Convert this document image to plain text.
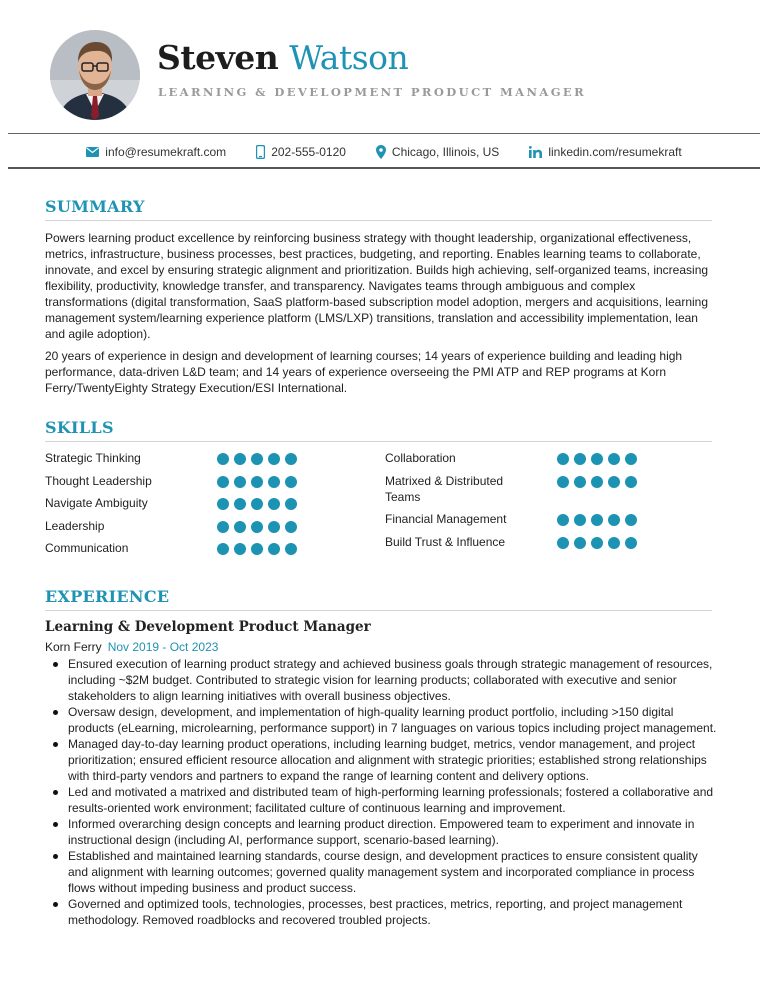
Steven Watson
LEARNING & DEVELOPMENT PRODUCT MANAGER
info@resumekraft.com	202-555-0120	Chicago, Illinois, US	linkedin.com/resumekraft
SUMMARY
Powers learning product excellence by reinforcing business strategy with thought leadership, organizational effectiveness, metrics, infrastructure, business processes, best practices, budgeting, and reporting. Enables learning teams to collaborate, innovate, and excel by ensuring strategic alignment and prioritization. Builds high achieving, self-organized teams, increasing flexibility, productivity, knowledge transfer, and transparency. Navigates teams through ambiguous and complex transformations (digital transformation, SaaS platform-based subscription model adoption, mergers and acquisitions, learning management system/learning experience platform (LMS/LXP) transitions, translation and accessibility implementation, lean and agile adoption).
20 years of experience in design and development of learning courses; 14 years of experience building and leading high performance, data-driven L&D team; and 14 years of experience overseeing the PMI ATP and REP programs at Korn Ferry/TwentyEighty Strategy Execution/ESI International.
SKILLS
Strategic Thinking
Thought Leadership
Navigate Ambiguity
Leadership
Communication
Collaboration
Matrixed & Distributed Teams
Financial Management
Build Trust & Influence
EXPERIENCE
Learning & Development Product Manager
Korn Ferry Nov 2019 - Oct 2023
Ensured execution of learning product strategy and achieved business goals through strategic management of resources, including ~$2M budget. Contributed to strategic vision for learning products; collaborated with executive and senior stakeholders to align learning initiatives with overall business objectives.
Oversaw design, development, and implementation of high-quality learning product portfolio, including >150 digital products (eLearning, microlearning, performance support) in 7 languages on various topics including project management.
Managed day-to-day learning product operations, including learning budget, metrics, vendor management, and project prioritization; ensured efficient resource allocation and alignment with strategic priorities; established strong relationships with third-party vendors and partners to expand the range of learning content and delivery options.
Led and motivated a matrixed and distributed team of high-performing learning professionals; fostered a collaborative and results-oriented work environment; facilitated culture of continuous learning and improvement.
Informed overarching design concepts and learning product direction. Empowered team to experiment and innovate in instructional design (including AI, performance support, scenario-based learning).
Established and maintained learning standards, course design, and development practices to ensure consistent quality and alignment with learning outcomes; governed quality management system and incorporated compliance in process flows without impeding business and product success.
Governed and optimized tools, technologies, processes, best practices, metrics, reporting, and project management methodology. Removed roadblocks and recovered troubled projects.
